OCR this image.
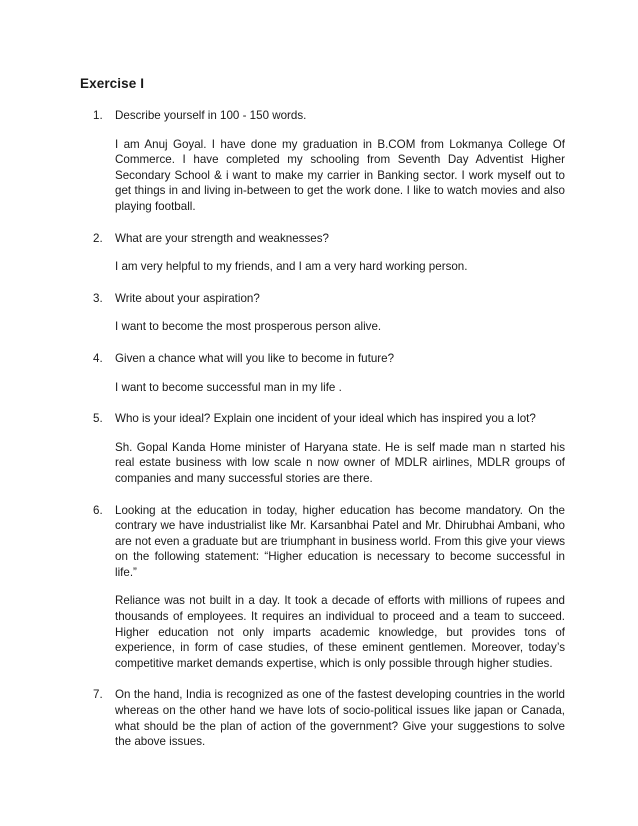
Exercise I
1. Describe yourself in 100 - 150 words.

I am Anuj Goyal. I have done my graduation in B.COM from Lokmanya College Of Commerce. I have completed my schooling from Seventh Day Adventist Higher Secondary School & i want to make my carrier in Banking sector. I work myself out to get things in and living in-between to get the work done. I like to watch movies and also playing football.

2. What are your strength and weaknesses?

I am very helpful to my friends, and I am a very hard working person.

3. Write about your aspiration?

I want to become the most prosperous person alive.

4. Given a chance what will you like to become in future?

I want to become successful man in my life .

5. Who is your ideal? Explain one incident of your ideal which has inspired you a lot?

Sh. Gopal Kanda Home minister of Haryana state. He is self made man n started his real estate business with low scale n now owner of MDLR airlines, MDLR groups of companies and many successful stories are there.

6. Looking at the education in today, higher education has become mandatory. On the contrary we have industrialist like Mr. Karsanbhai Patel and Mr. Dhirubhai Ambani, who are not even a graduate but are triumphant in business world. From this give your views on the following statement: “Higher education is necessary to become successful in life.”

Reliance was not built in a day. It took a decade of efforts with millions of rupees and thousands of employees. It requires an individual to proceed and a team to succeed. Higher education not only imparts academic knowledge, but provides tons of experience, in form of case studies, of these eminent gentlemen. Moreover, today’s competitive market demands expertise, which is only possible through higher studies.

7. On the hand, India is recognized as one of the fastest developing countries in the world whereas on the other hand we have lots of socio-political issues like japan or Canada, what should be the plan of action of the government? Give your suggestions to solve the above issues.
